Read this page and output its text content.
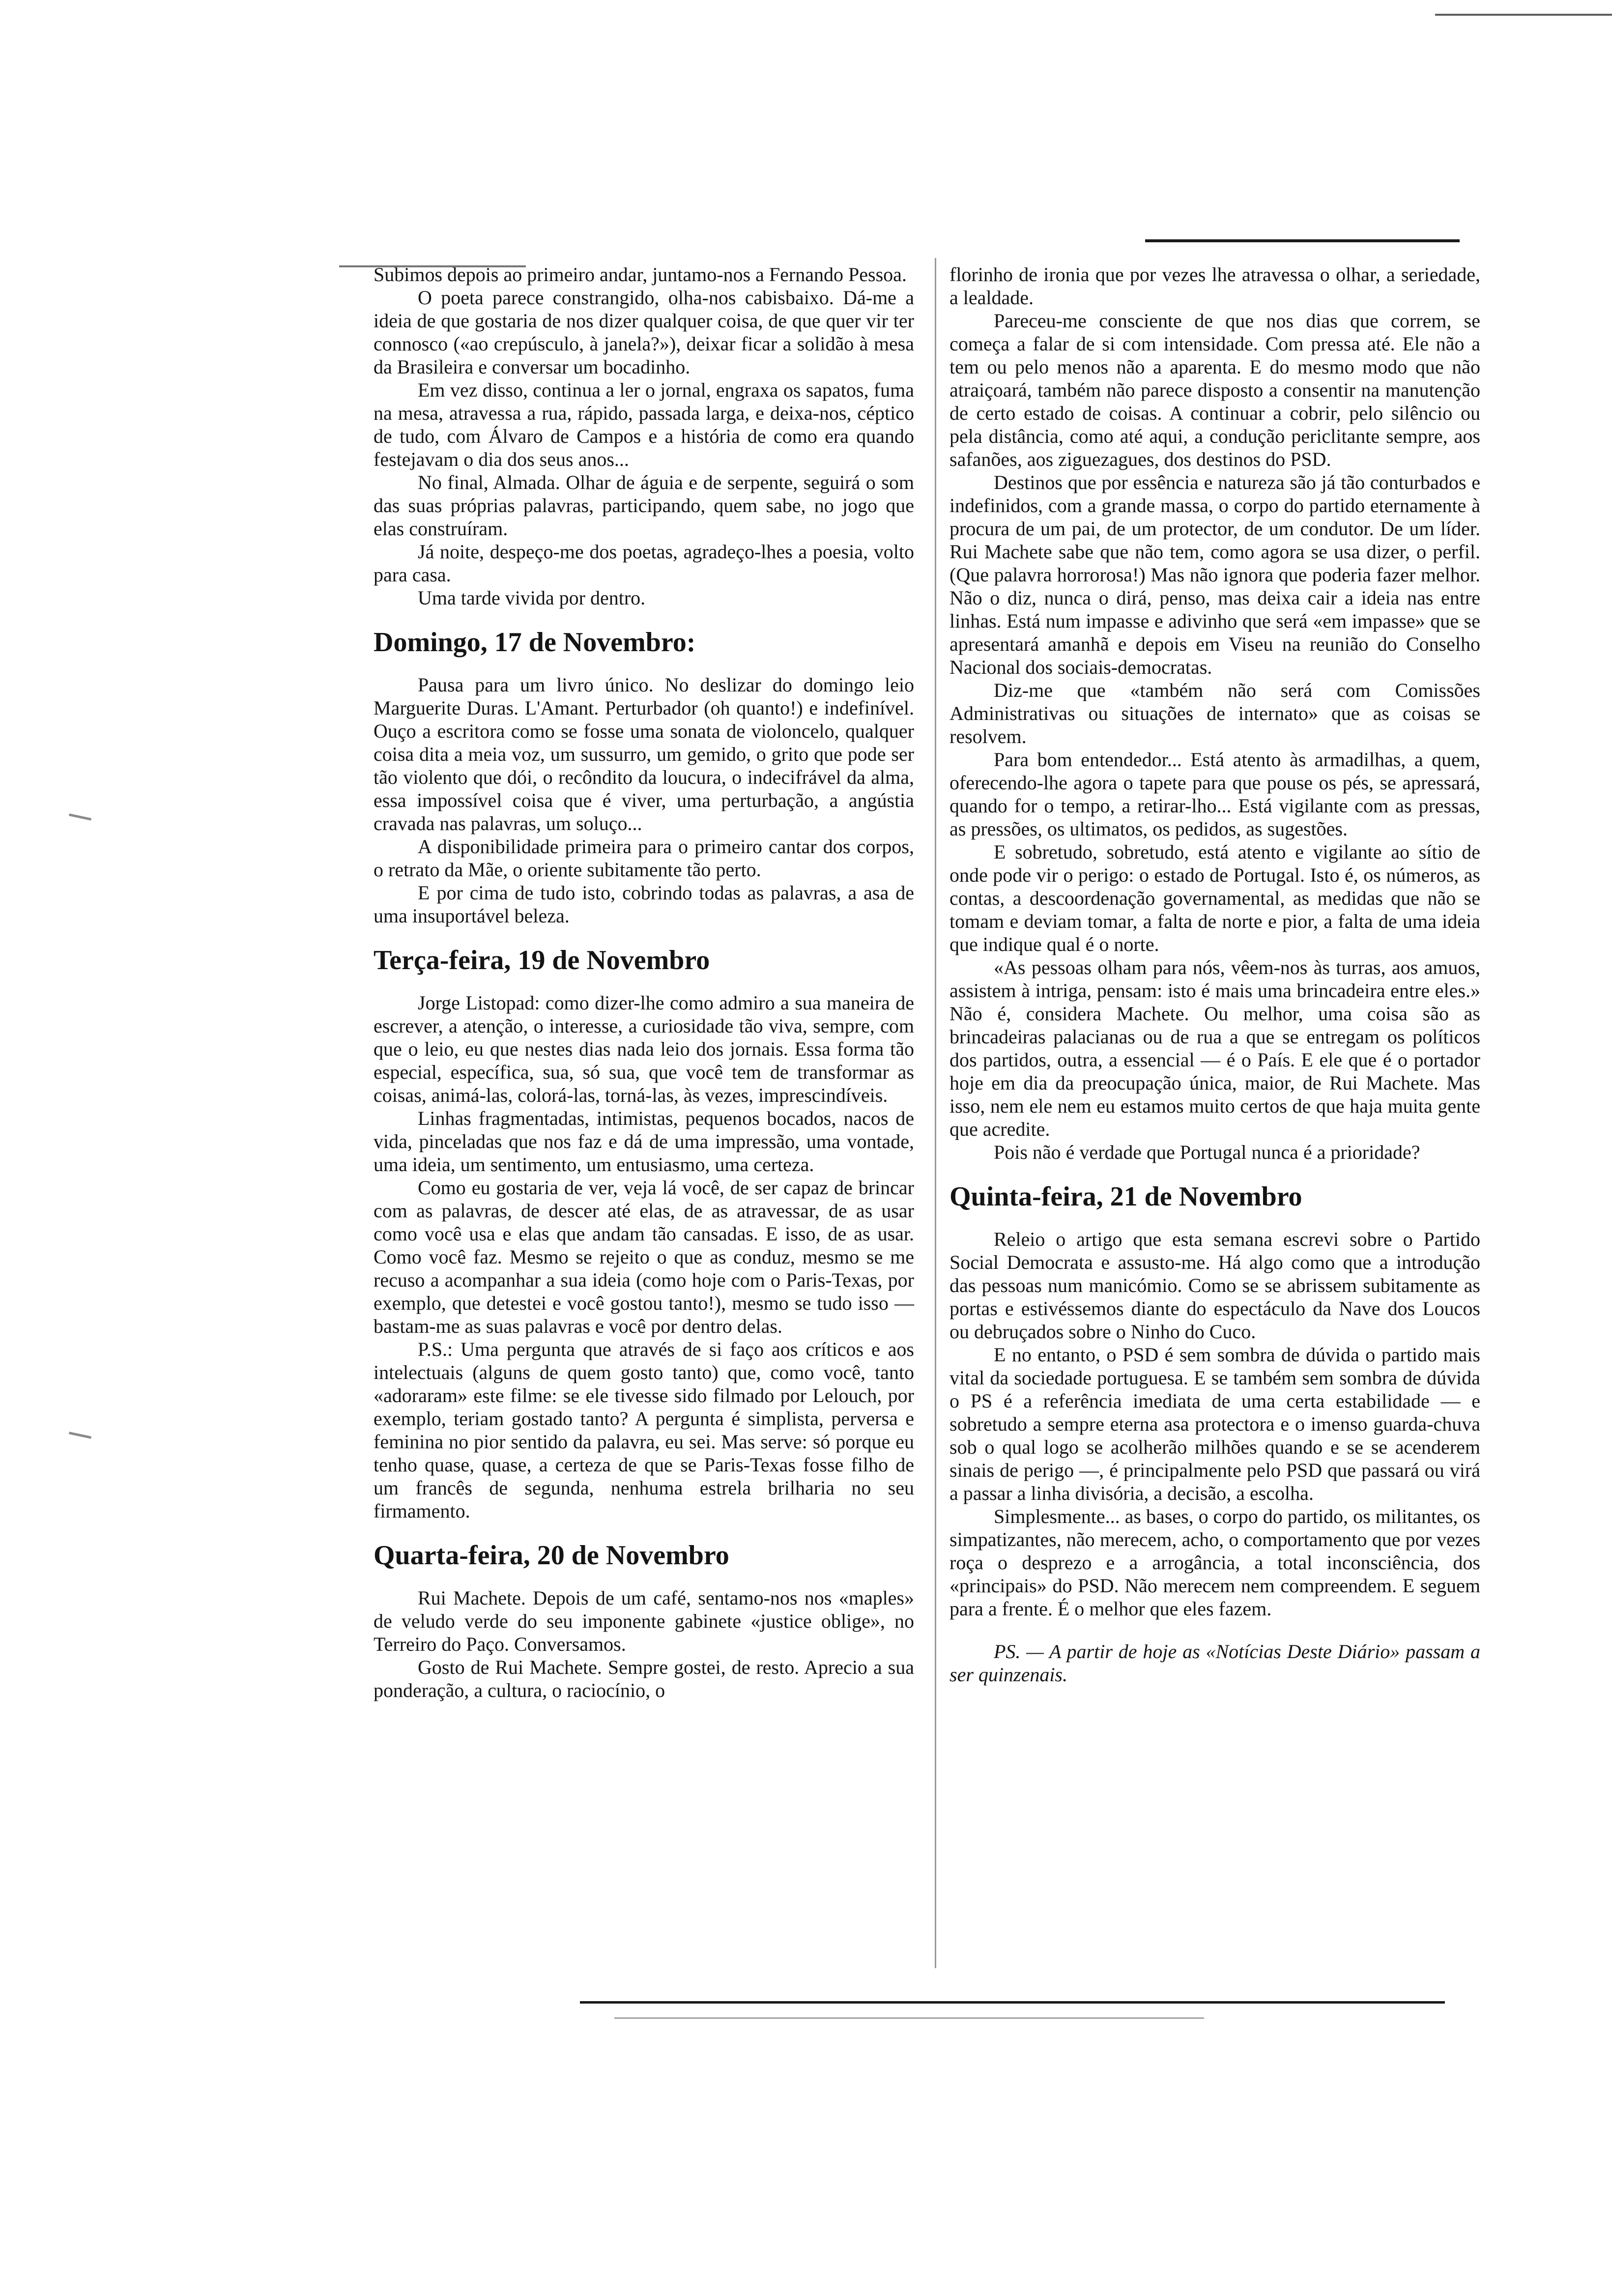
Subimos depois ao primeiro andar, juntamo-nos a Fernando Pessoa.

O poeta parece constrangido, olha-nos cabisbaixo. Dá-me a ideia de que gostaria de nos dizer qualquer coisa, de que quer vir ter connosco («ao crepúsculo, à janela?»), deixar ficar a solidão à mesa da Brasileira e conversar um bocadinho.

Em vez disso, continua a ler o jornal, engraxa os sapatos, fuma na mesa, atravessa a rua, rápido, passada larga, e deixa-nos, céptico de tudo, com Álvaro de Campos e a história de como era quando festejavam o dia dos seus anos...

No final, Almada. Olhar de águia e de serpente, seguirá o som das suas próprias palavras, participando, quem sabe, no jogo que elas construíram.

Já noite, despeço-me dos poetas, agradeço-lhes a poesia, volto para casa.

Uma tarde vivida por dentro.

Domingo, 17 de Novembro:

Pausa para um livro único. No deslizar do domingo leio Marguerite Duras. L'Amant. Perturbador (oh quanto!) e indefinível. Ouço a escritora como se fosse uma sonata de violoncelo, qualquer coisa dita a meia voz, um sussurro, um gemido, o grito que pode ser tão violento que dói, o recôndito da loucura, o indecifrável da alma, essa impossível coisa que é viver, uma perturbação, a angústia cravada nas palavras, um soluço...

A disponibilidade primeira para o primeiro cantar dos corpos, o retrato da Mãe, o oriente subitamente tão perto.

E por cima de tudo isto, cobrindo todas as palavras, a asa de uma insuportável beleza.

Terça-feira, 19 de Novembro

Jorge Listopad: como dizer-lhe como admiro a sua maneira de escrever, a atenção, o interesse, a curiosidade tão viva, sempre, com que o leio, eu que nestes dias nada leio dos jornais. Essa forma tão especial, específica, sua, só sua, que você tem de transformar as coisas, animá-las, colorá-las, torná-las, às vezes, imprescindíveis.

Linhas fragmentadas, intimistas, pequenos bocados, nacos de vida, pinceladas que nos faz e dá de uma impressão, uma vontade, uma ideia, um sentimento, um entusiasmo, uma certeza.

Como eu gostaria de ver, veja lá você, de ser capaz de brincar com as palavras, de descer até elas, de as atravessar, de as usar como você usa e elas que andam tão cansadas. E isso, de as usar. Como você faz. Mesmo se rejeito o que as conduz, mesmo se me recuso a acompanhar a sua ideia (como hoje com o Paris-Texas, por exemplo, que detestei e você gostou tanto!), mesmo se tudo isso — bastam-me as suas palavras e você por dentro delas.

P.S.: Uma pergunta que através de si faço aos críticos e aos intelectuais (alguns de quem gosto tanto) que, como você, tanto «adoraram» este filme: se ele tivesse sido filmado por Lelouch, por exemplo, teriam gostado tanto? A pergunta é simplista, perversa e feminina no pior sentido da palavra, eu sei. Mas serve: só porque eu tenho quase, quase, a certeza de que se Paris-Texas fosse filho de um francês de segunda, nenhuma estrela brilharia no seu firmamento.

Quarta-feira, 20 de Novembro

Rui Machete. Depois de um café, sentamo-nos nos «maples» de veludo verde do seu imponente gabinete «justice oblige», no Terreiro do Paço. Conversamos.

Gosto de Rui Machete. Sempre gostei, de resto. Aprecio a sua ponderação, a cultura, o raciocínio, o

florinho de ironia que por vezes lhe atravessa o olhar, a seriedade, a lealdade.

Pareceu-me consciente de que nos dias que correm, se começa a falar de si com intensidade. Com pressa até. Ele não a tem ou pelo menos não a aparenta. E do mesmo modo que não atraiçoará, também não parece disposto a consentir na manutenção de certo estado de coisas. A continuar a cobrir, pelo silêncio ou pela distância, como até aqui, a condução periclitante sempre, aos safanões, aos ziguezagues, dos destinos do PSD.

Destinos que por essência e natureza são já tão conturbados e indefinidos, com a grande massa, o corpo do partido eternamente à procura de um pai, de um protector, de um condutor. De um líder. Rui Machete sabe que não tem, como agora se usa dizer, o perfil. (Que palavra horrorosa!) Mas não ignora que poderia fazer melhor. Não o diz, nunca o dirá, penso, mas deixa cair a ideia nas entre linhas. Está num impasse e adivinho que será «em impasse» que se apresentará amanhã e depois em Viseu na reunião do Conselho Nacional dos sociais-democratas.

Diz-me que «também não será com Comissões Administrativas ou situações de internato» que as coisas se resolvem.

Para bom entendedor... Está atento às armadilhas, a quem, oferecendo-lhe agora o tapete para que pouse os pés, se apressará, quando for o tempo, a retirar-lho... Está vigilante com as pressas, as pressões, os ultimatos, os pedidos, as sugestões.

E sobretudo, sobretudo, está atento e vigilante ao sítio de onde pode vir o perigo: o estado de Portugal. Isto é, os números, as contas, a descoordenação governamental, as medidas que não se tomam e deviam tomar, a falta de norte e pior, a falta de uma ideia que indique qual é o norte.

«As pessoas olham para nós, vêem-nos às turras, aos amuos, assistem à intriga, pensam: isto é mais uma brincadeira entre eles.» Não é, considera Machete. Ou melhor, uma coisa são as brincadeiras palacianas ou de rua a que se entregam os políticos dos partidos, outra, a essencial — é o País. E ele que é o portador hoje em dia da preocupação única, maior, de Rui Machete. Mas isso, nem ele nem eu estamos muito certos de que haja muita gente que acredite.

Pois não é verdade que Portugal nunca é a prioridade?

Quinta-feira, 21 de Novembro

Releio o artigo que esta semana escrevi sobre o Partido Social Democrata e assusto-me. Há algo como que a introdução das pessoas num manicómio. Como se se abrissem subitamente as portas e estivéssemos diante do espectáculo da Nave dos Loucos ou debruçados sobre o Ninho do Cuco.

E no entanto, o PSD é sem sombra de dúvida o partido mais vital da sociedade portuguesa. E se também sem sombra de dúvida o PS é a referência imediata de uma certa estabilidade — e sobretudo a sempre eterna asa protectora e o imenso guarda-chuva sob o qual logo se acolherão milhões quando e se se acenderem sinais de perigo —, é principalmente pelo PSD que passará ou virá a passar a linha divisória, a decisão, a escolha.

Simplesmente... as bases, o corpo do partido, os militantes, os simpatizantes, não merecem, acho, o comportamento que por vezes roça o desprezo e a arrogância, a total inconsciência, dos «principais» do PSD. Não merecem nem compreendem. E seguem para a frente. É o melhor que eles fazem.

PS. — A partir de hoje as «Notícias Deste Diário» passam a ser quinzenais.
